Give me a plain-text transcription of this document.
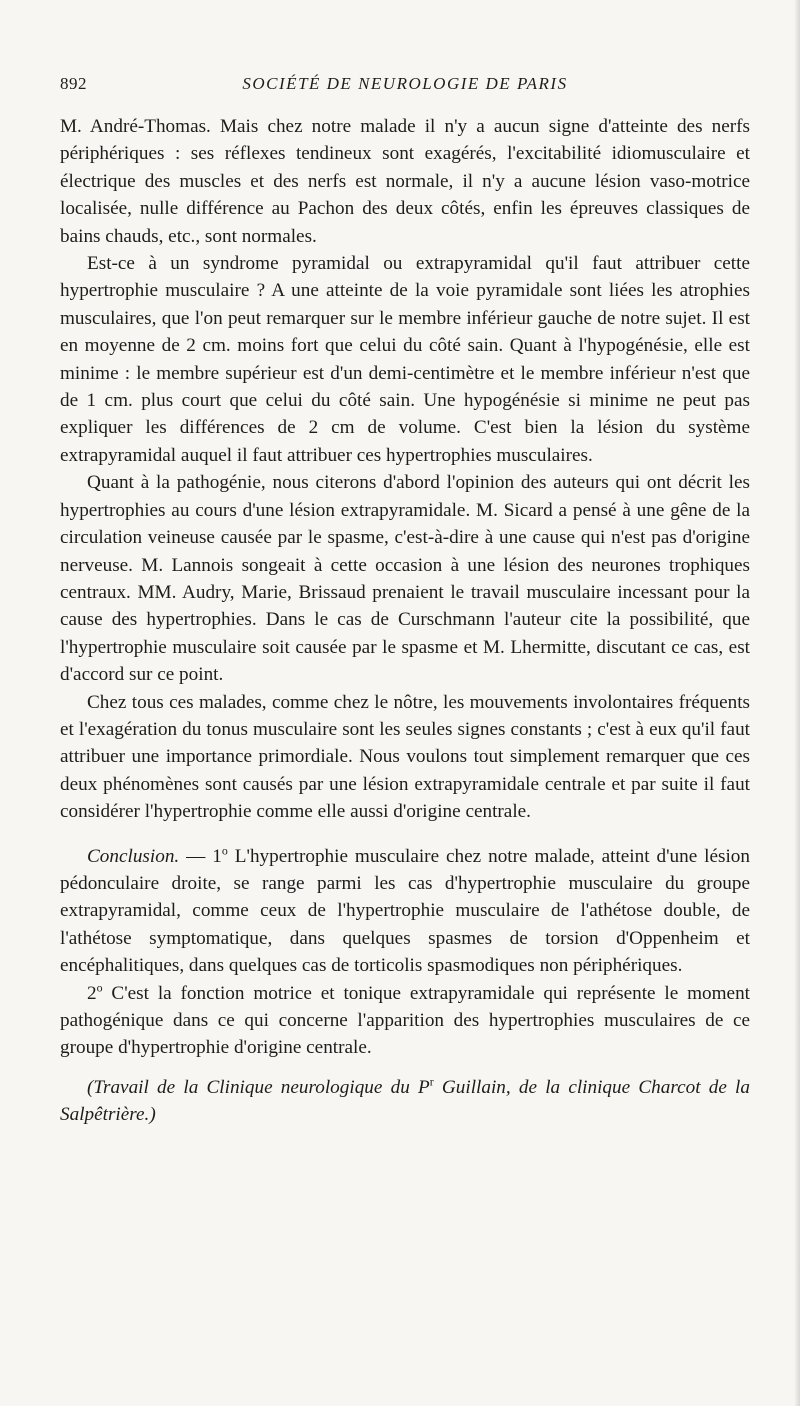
892	SOCIÉTÉ DE NEUROLOGIE DE PARIS

M. André-Thomas. Mais chez notre malade il n'y a aucun signe d'atteinte des nerfs périphériques : ses réflexes tendineux sont exagérés, l'excitabilité idiomusculaire et électrique des muscles et des nerfs est normale, il n'y a aucune lésion vaso-motrice localisée, nulle différence au Pachon des deux côtés, enfin les épreuves classiques de bains chauds, etc., sont normales.

Est-ce à un syndrome pyramidal ou extrapyramidal qu'il faut attribuer cette hypertrophie musculaire ? A une atteinte de la voie pyramidale sont liées les atrophies musculaires, que l'on peut remarquer sur le membre inférieur gauche de notre sujet. Il est en moyenne de 2 cm. moins fort que celui du côté sain. Quant à l'hypogénésie, elle est minime : le membre supérieur est d'un demi-centimètre et le membre inférieur n'est que de 1 cm. plus court que celui du côté sain. Une hypogénésie si minime ne peut pas expliquer les différences de 2 cm de volume. C'est bien la lésion du système extrapyramidal auquel il faut attribuer ces hypertrophies musculaires.

Quant à la pathogénie, nous citerons d'abord l'opinion des auteurs qui ont décrit les hypertrophies au cours d'une lésion extrapyramidale. M. Sicard a pensé à une gêne de la circulation veineuse causée par le spasme, c'est-à-dire à une cause qui n'est pas d'origine nerveuse. M. Lannois songeait à cette occasion à une lésion des neurones trophiques centraux. MM. Audry, Marie, Brissaud prenaient le travail musculaire incessant pour la cause des hypertrophies. Dans le cas de Curschmann l'auteur cite la possibilité, que l'hypertrophie musculaire soit causée par le spasme et M. Lhermitte, discutant ce cas, est d'accord sur ce point.

Chez tous ces malades, comme chez le nôtre, les mouvements involontaires fréquents et l'exagération du tonus musculaire sont les seules signes constants ; c'est à eux qu'il faut attribuer une importance primordiale. Nous voulons tout simplement remarquer que ces deux phénomènes sont causés par une lésion extrapyramidale centrale et par suite il faut considérer l'hypertrophie comme elle aussi d'origine centrale.

Conclusion. — 1$^o$ L'hypertrophie musculaire chez notre malade, atteint d'une lésion pédonculaire droite, se range parmi les cas d'hypertrophie musculaire du groupe extrapyramidal, comme ceux de l'hypertrophie musculaire de l'athétose double, de l'athétose symptomatique, dans quelques spasmes de torsion d'Oppenheim et encéphalitiques, dans quelques cas de torticolis spasmodiques non périphériques.

2$^o$ C'est la fonction motrice et tonique extrapyramidale qui représente le moment pathogénique dans ce qui concerne l'apparition des hypertrophies musculaires de ce groupe d'hypertrophie d'origine centrale.

(Travail de la Clinique neurologique du $P^r$ Guillain, de la clinique Charcot de la Salpêtrière.)
